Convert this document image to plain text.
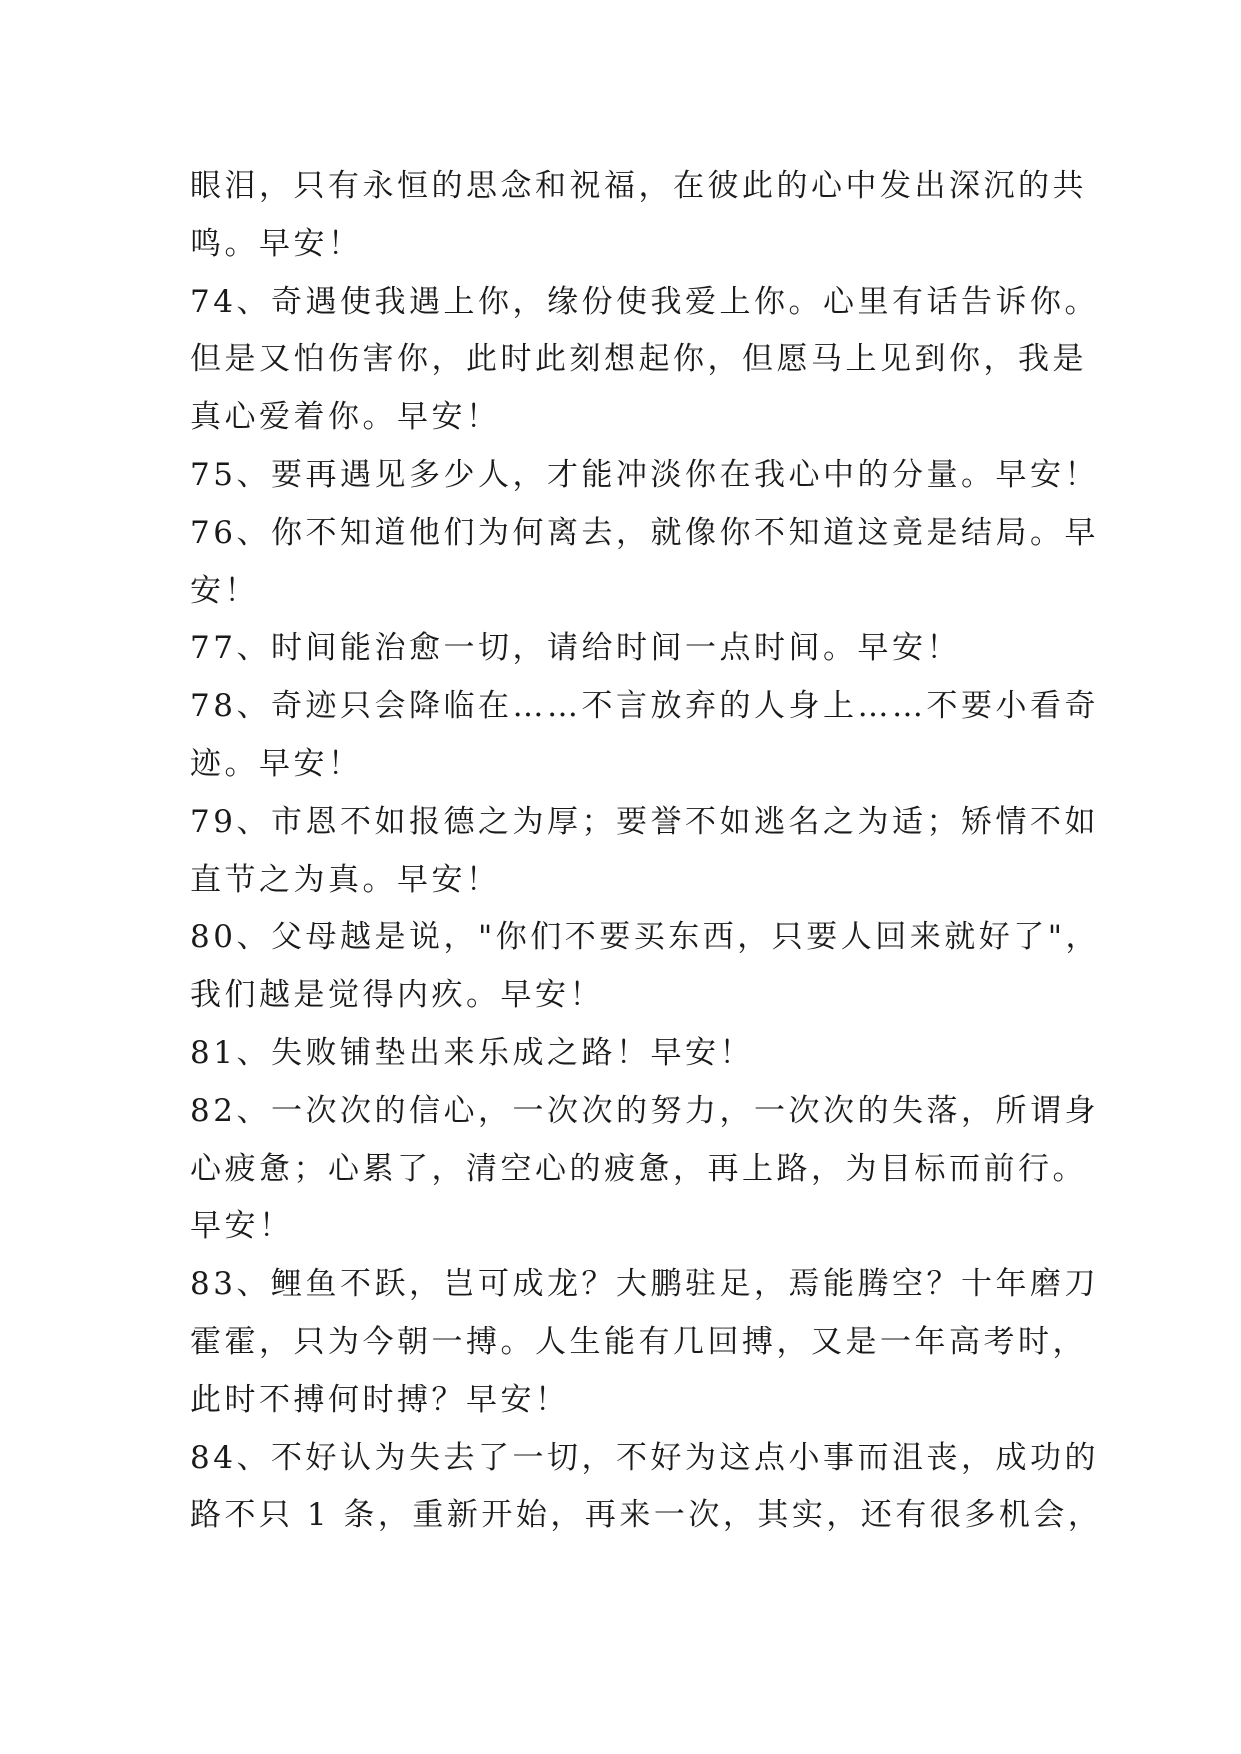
眼泪，只有永恒的思念和祝福，在彼此的心中发出深沉的共
鸣。早安！
74、奇遇使我遇上你，缘份使我爱上你。心里有话告诉你。
但是又怕伤害你，此时此刻想起你，但愿马上见到你，我是
真心爱着你。早安！
75、要再遇见多少人，才能冲淡你在我心中的分量。早安！
76、你不知道他们为何离去，就像你不知道这竟是结局。早
安！
77、时间能治愈一切，请给时间一点时间。早安！
78、奇迹只会降临在……不言放弃的人身上……不要小看奇
迹。早安！
79、市恩不如报德之为厚；要誉不如逃名之为适；矫情不如
直节之为真。早安！
80、父母越是说，"你们不要买东西，只要人回来就好了"，
我们越是觉得内疚。早安！
81、失败铺垫出来乐成之路！早安！
82、一次次的信心，一次次的努力，一次次的失落，所谓身
心疲惫；心累了，清空心的疲惫，再上路，为目标而前行。
早安！
83、鲤鱼不跃，岂可成龙？大鹏驻足，焉能腾空？十年磨刀
霍霍，只为今朝一搏。人生能有几回搏，又是一年高考时，
此时不搏何时搏？早安！
84、不好认为失去了一切，不好为这点小事而沮丧，成功的
路不只 1 条，重新开始，再来一次，其实，还有很多机会，
